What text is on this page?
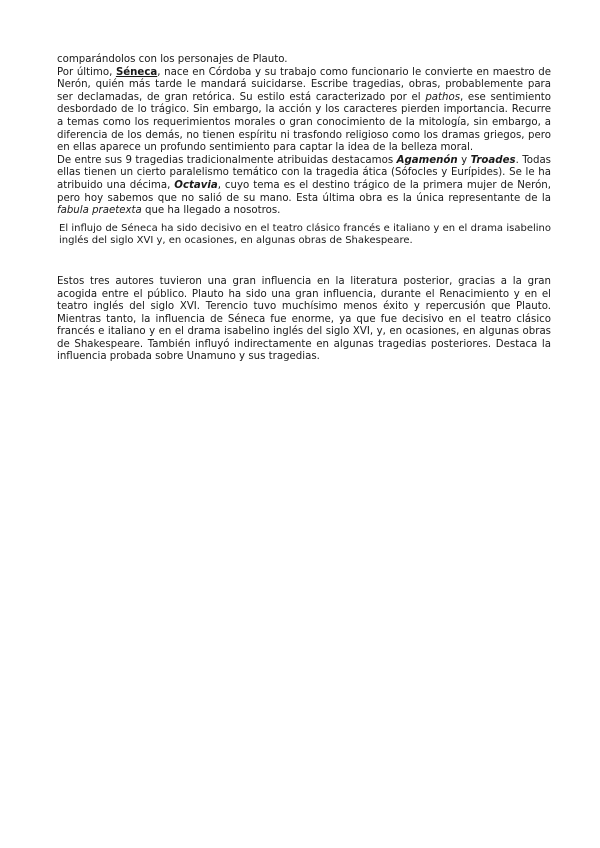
comparándolos con los personajes de Plauto.

Por último, Séneca, nace en Córdoba y su trabajo como funcionario le convierte en maestro de Nerón, quién más tarde le mandará suicidarse. Escribe tragedias, obras, probablemente para ser declamadas, de gran retórica. Su estilo está caracterizado por el pathos, ese sentimiento desbordado de lo trágico. Sin embargo, la acción y los caracteres pierden importancia. Recurre a temas como los requerimientos morales o gran conocimiento de la mitología, sin embargo, a diferencia de los demás, no tienen espíritu ni trasfondo religioso como los dramas griegos, pero en ellas aparece un profundo sentimiento para captar la idea de la belleza moral.

De entre sus 9 tragedias tradicionalmente atribuidas destacamos Agamenón y Troades. Todas ellas tienen un cierto paralelismo temático con la tragedia ática (Sófocles y Eurípides). Se le ha atribuido una décima, Octavia, cuyo tema es el destino trágico de la primera mujer de Nerón, pero hoy sabemos que no salió de su mano. Esta última obra es la única representante de la fabula praetexta que ha llegado a nosotros.

El influjo de Séneca ha sido decisivo en el teatro clásico francés e italiano y en el drama isabelino inglés del siglo XVI y, en ocasiones, en algunas obras de Shakespeare.

Estos tres autores tuvieron una gran influencia en la literatura posterior, gracias a la gran acogida entre el público. Plauto ha sido una gran influencia, durante el Renacimiento y en el teatro inglés del siglo XVI. Terencio tuvo muchísimo menos éxito y repercusión que Plauto. Mientras tanto, la influencia de Séneca fue enorme, ya que fue decisivo en el teatro clásico francés e italiano y en el drama isabelino inglés del siglo XVI, y, en ocasiones, en algunas obras de Shakespeare. También influyó indirectamente en algunas tragedias posteriores. Destaca la influencia probada sobre Unamuno y sus tragedias.
